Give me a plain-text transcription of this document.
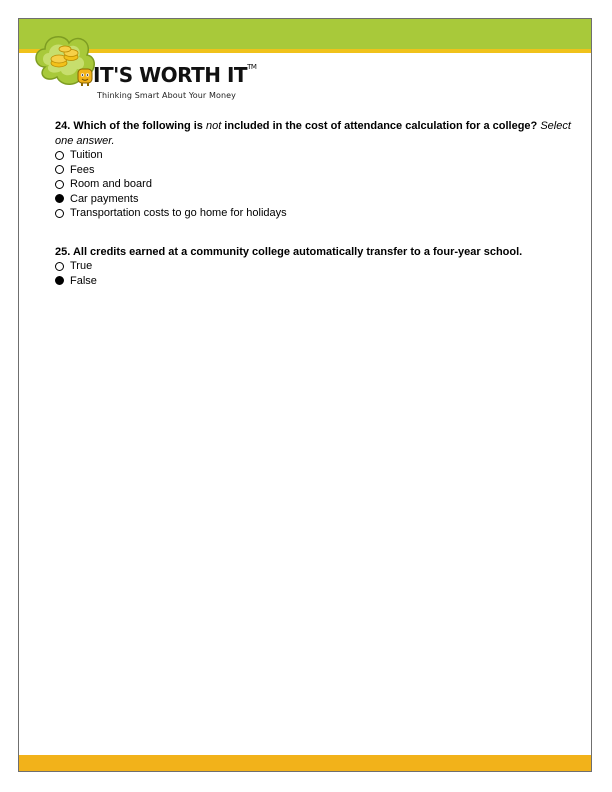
IT'S WORTH IT™
Thinking Smart About Your Money

24. Which of the following is not included in the cost of attendance calculation for a college? Select one answer.

Tuition
Fees
Room and board
Car payments
Transportation costs to go home for holidays

25. All credits earned at a community college automatically transfer to a four-year school.

True
False
